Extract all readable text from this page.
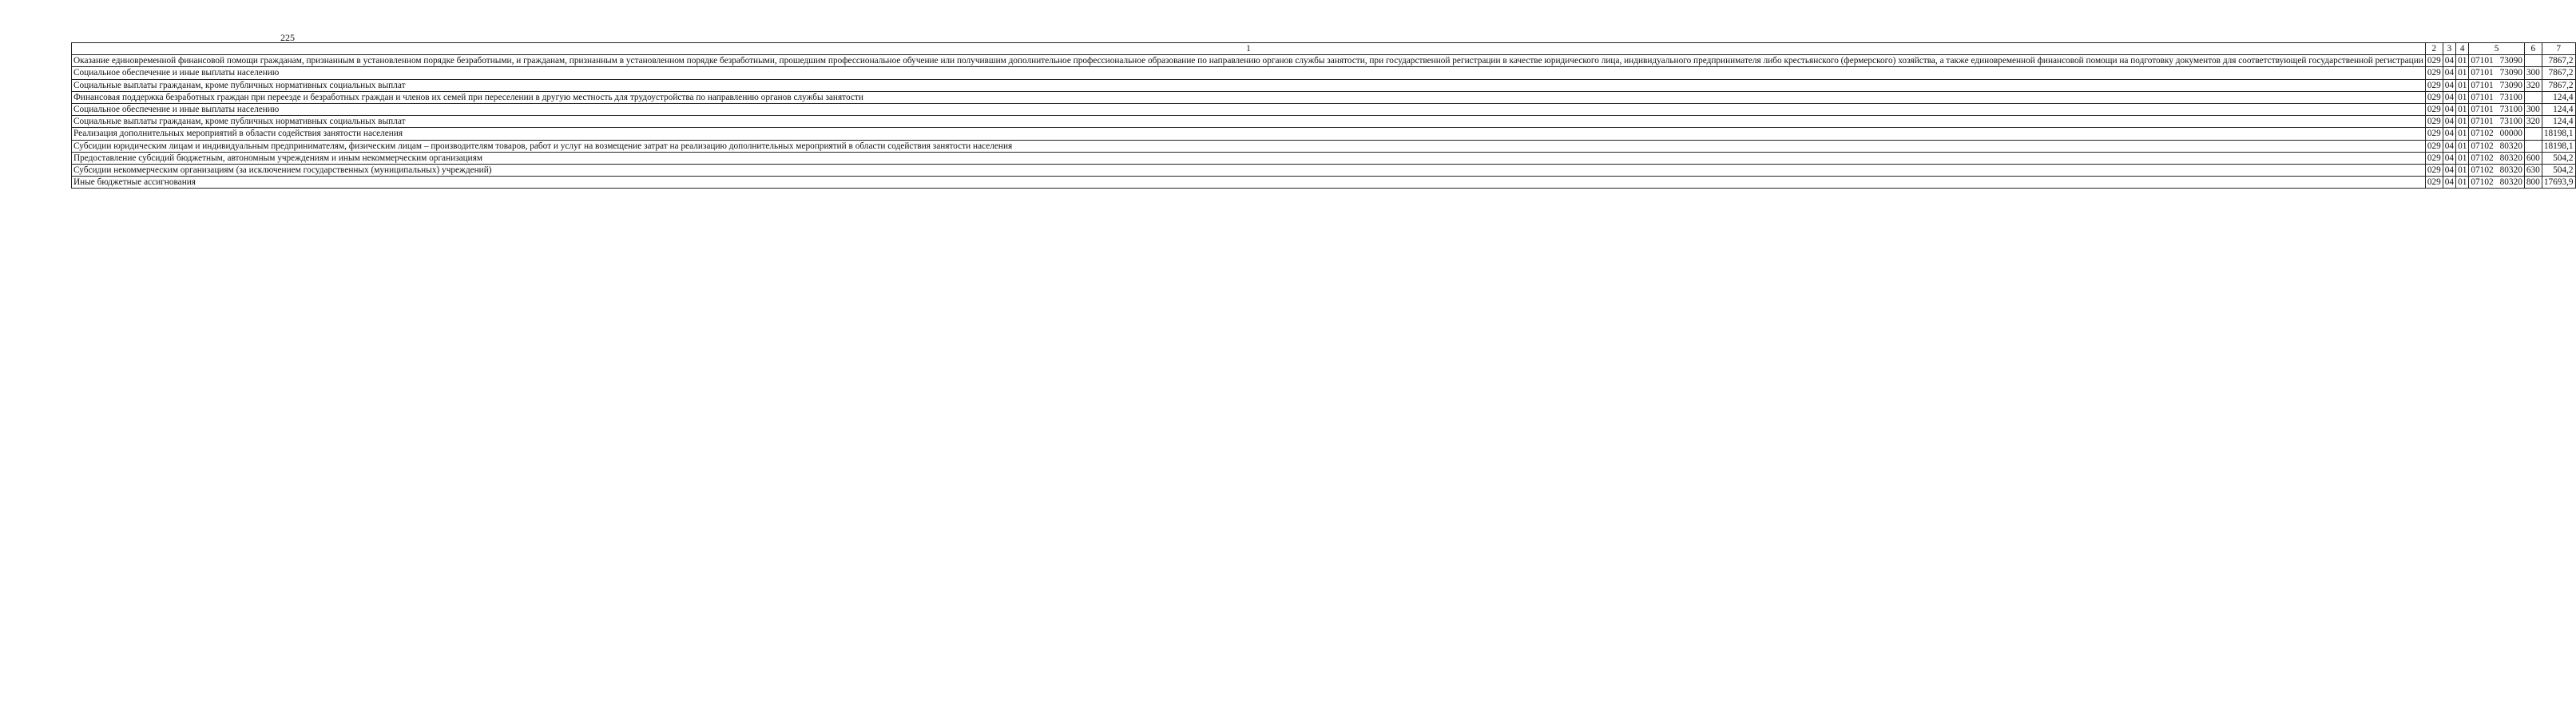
225
1	2	3	4	5	6	7
Оказание единовременной финансовой помощи гражданам, признанным в установленном порядке безработными, и гражданам, признанным в установленном порядке безработными, прошедшим профессиональное обучение или получившим дополнительное профессиональное образование по направлению органов службы занятости, при государственной регистрации в качестве юридического лица, индивидуального предпринимателя либо крестьянского (фермерского) хозяйства, а также единовременной финансовой помощи на подготовку документов для соответствующей государственной регистрации	029	04	01	07101 73090		7867,2
Социальное обеспечение и иные выплаты населению	029	04	01	07101 73090	300	7867,2
Социальные выплаты гражданам, кроме публичных нормативных социальных выплат	029	04	01	07101 73090	320	7867,2
Финансовая поддержка безработных граждан при переезде и безработных граждан и членов их семей при переселении в другую местность для трудоустройства по направлению органов службы занятости	029	04	01	07101 73100		124,4
Социальное обеспечение и иные выплаты населению	029	04	01	07101 73100	300	124,4
Социальные выплаты гражданам, кроме публичных нормативных социальных выплат	029	04	01	07101 73100	320	124,4
Реализация дополнительных мероприятий в области содействия занятости населения	029	04	01	07102 00000		18198,1
Субсидии юридическим лицам и индивидуальным предпринимателям, физическим лицам – производителям товаров, работ и услуг на возмещение затрат на реализацию дополнительных мероприятий в области содействия занятости населения	029	04	01	07102 80320		18198,1
Предоставление субсидий бюджетным, автономным учреждениям и иным некоммерческим организациям	029	04	01	07102 80320	600	504,2
Субсидии некоммерческим организациям (за исключением государственных (муниципальных) учреждений)	029	04	01	07102 80320	630	504,2
Иные бюджетные ассигнования	029	04	01	07102 80320	800	17693,9
